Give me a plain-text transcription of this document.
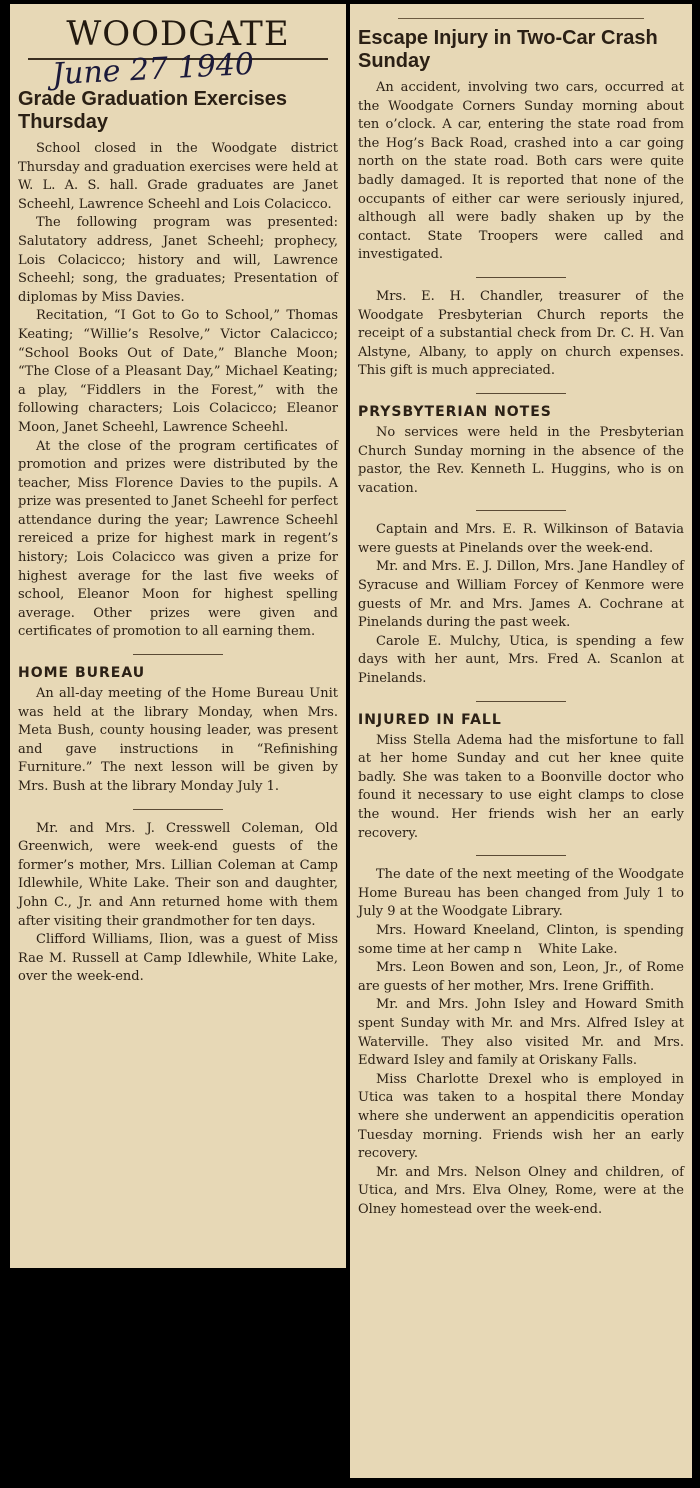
WOODGATE
June 27 1940
Grade Graduation Exercises Thursday

School closed in the Woodgate district Thursday and graduation exercises were held at W. L. A. S. hall. Grade graduates are Janet Scheehl, Lawrence Scheehl and Lois Colacicco.

The following program was presented: Salutatory address, Janet Scheehl; prophecy, Lois Colacicco; history and will, Lawrence Scheehl; song, the graduates; Presentation of diplomas by Miss Davies.

Recitation, “I Got to Go to School,” Thomas Keating; “Willie’s Resolve,” Victor Calacicco; “School Books Out of Date,” Blanche Moon; “The Close of a Pleasant Day,” Michael Keating; a play, “Fiddlers in the Forest,” with the following characters; Lois Colacicco; Eleanor Moon, Janet Scheehl, Lawrence Scheehl.

At the close of the program certificates of promotion and prizes were distributed by the teacher, Miss Florence Davies to the pupils. A prize was presented to Janet Scheehl for perfect attendance during the year; Lawrence Scheehl rereiced a prize for highest mark in regent’s history; Lois Colacicco was given a prize for highest average for the last five weeks of school, Eleanor Moon for highest spelling average. Other prizes were given and certificates of promotion to all earning them.

HOME BUREAU

An all-day meeting of the Home Bureau Unit was held at the library Monday, when Mrs. Meta Bush, county housing leader, was present and gave instructions in “Refinishing Furniture.” The next lesson will be given by Mrs. Bush at the library Monday July 1.

Mr. and Mrs. J. Cresswell Coleman, Old Greenwich, were week-end guests of the former’s mother, Mrs. Lillian Coleman at Camp Idlewhile, White Lake. Their son and daughter, John C., Jr. and Ann returned home with them after visiting their grandmother for ten days.

Clifford Williams, Ilion, was a guest of Miss Rae M. Russell at Camp Idlewhile, White Lake, over the week-end.

Escape Injury in Two-Car Crash Sunday

An accident, involving two cars, occurred at the Woodgate Corners Sunday morning about ten o’clock. A car, entering the state road from the Hog’s Back Road, crashed into a car going north on the state road. Both cars were quite badly damaged. It is reported that none of the occupants of either car were seriously injured, although all were badly shaken up by the contact. State Troopers were called and investigated.

Mrs. E. H. Chandler, treasurer of the Woodgate Presbyterian Church reports the receipt of a substantial check from Dr. C. H. Van Alstyne, Albany, to apply on church expenses. This gift is much appreciated.

PRYSBYTERIAN NOTES

No services were held in the Presbyterian Church Sunday morning in the absence of the pastor, the Rev. Kenneth L. Huggins, who is on vacation.

Captain and Mrs. E. R. Wilkinson of Batavia were guests at Pinelands over the week-end.

Mr. and Mrs. E. J. Dillon, Mrs. Jane Handley of Syracuse and William Forcey of Kenmore were guests of Mr. and Mrs. James A. Cochrane at Pinelands during the past week.

Carole E. Mulchy, Utica, is spending a few days with her aunt, Mrs. Fred A. Scanlon at Pinelands.

INJURED IN FALL

Miss Stella Adema had the misfortune to fall at her home Sunday and cut her knee quite badly. She was taken to a Boonville doctor who found it necessary to use eight clamps to close the wound. Her friends wish her an early recovery.

The date of the next meeting of the Woodgate Home Bureau has been changed from July 1 to July 9 at the Woodgate Library.

Mrs. Howard Kneeland, Clinton, is spending some time at her camp n    White Lake.

Mrs. Leon Bowen and son, Leon, Jr., of Rome are guests of her mother, Mrs. Irene Griffith.

Mr. and Mrs. John Isley and Howard Smith spent Sunday with Mr. and Mrs. Alfred Isley at Waterville. They also visited Mr. and Mrs. Edward Isley and family at Oriskany Falls.

Miss Charlotte Drexel who is employed in Utica was taken to a hospital there Monday where she underwent an appendicitis operation Tuesday morning. Friends wish her an early recovery.

Mr. and Mrs. Nelson Olney and children, of Utica, and Mrs. Elva Olney, Rome, were at the Olney homestead over the week-end.
